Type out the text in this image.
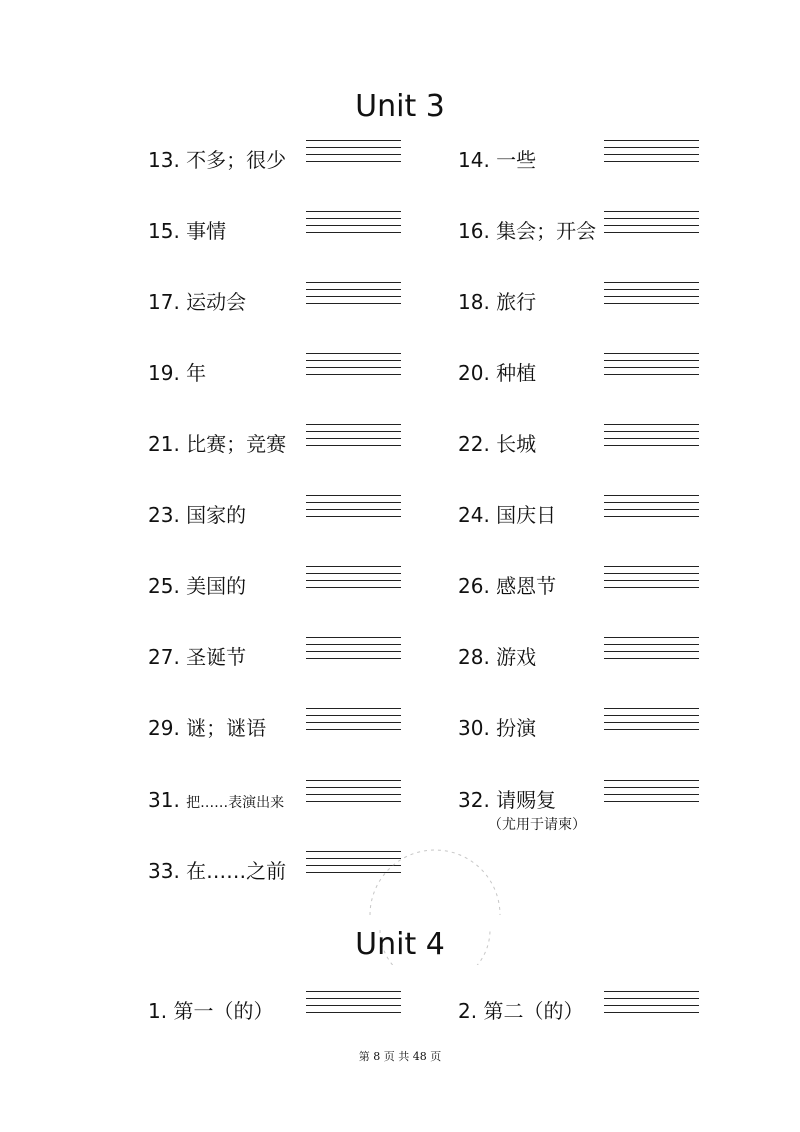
Unit 3
13. 不多；很少	14. 一些
15. 事情	16. 集会；开会
17. 运动会	18. 旅行
19. 年	20. 种植
21. 比赛；竞赛	22. 长城
23. 国家的	24. 国庆日
25. 美国的	26. 感恩节
27. 圣诞节	28. 游戏
29. 谜；谜语	30. 扮演
31. 把……表演出来	32. 请赐复
（尤用于请柬）
33. 在……之前
Unit 4
1. 第一（的）	2. 第二（的）
第 8 页 共 48 页
